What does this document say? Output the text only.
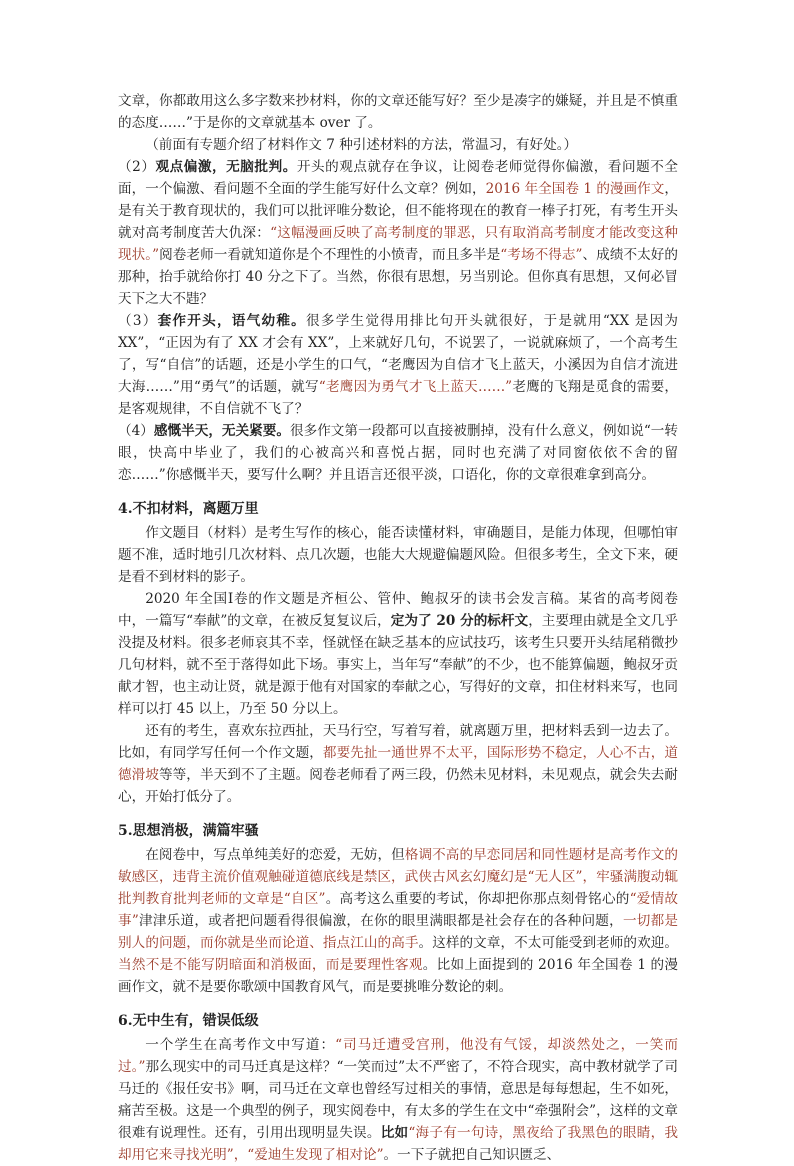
文章，你都敢用这么多字数来抄材料，你的文章还能写好？至少是凑字的嫌疑，并且是不慎重的态度……”于是你的文章就基本 over 了。

（前面有专题介绍了材料作文 7 种引述材料的方法，常温习，有好处。）

（2）观点偏激，无脑批判。开头的观点就存在争议，让阅卷老师觉得你偏激，看问题不全面，一个偏激、看问题不全面的学生能写好什么文章？例如，2016 年全国卷 1 的漫画作文，是有关于教育现状的，我们可以批评唯分数论，但不能将现在的教育一棒子打死，有考生开头就对高考制度苦大仇深：“这幅漫画反映了高考制度的罪恶，只有取消高考制度才能改变这种现状。”阅卷老师一看就知道你是个不理性的小愤青，而且多半是“考场不得志”、成绩不太好的那种，抬手就给你打 40 分之下了。当然，你很有思想，另当别论。但你真有思想，又何必冒天下之大不韪？

（3）套作开头，语气幼稚。很多学生觉得用排比句开头就很好，于是就用“XX 是因为 XX”，“正因为有了 XX 才会有 XX”，上来就好几句，不说罢了，一说就麻烦了，一个高考生了，写“自信”的话题，还是小学生的口气，“老鹰因为自信才飞上蓝天，小溪因为自信才流进大海……”用“勇气”的话题，就写“老鹰因为勇气才飞上蓝天……”老鹰的飞翔是觅食的需要，是客观规律，不自信就不飞了？

（4）感慨半天，无关紧要。很多作文第一段都可以直接被删掉，没有什么意义，例如说“一转眼，快高中毕业了，我们的心被高兴和喜悦占据，同时也充满了对同窗依依不舍的留恋……”你感慨半天，要写什么啊？并且语言还很平淡，口语化，你的文章很难拿到高分。

4.不扣材料，离题万里

作文题目（材料）是考生写作的核心，能否读懂材料，审确题目，是能力体现，但哪怕审题不准，适时地引几次材料、点几次题，也能大大规避偏题风险。但很多考生，全文下来，硬是看不到材料的影子。

2020 年全国Ⅰ卷的作文题是齐桓公、管仲、鲍叔牙的读书会发言稿。某省的高考阅卷中，一篇写“奉献”的文章，在被反复复议后，定为了 20 分的标杆文，主要理由就是全文几乎没提及材料。很多老师哀其不幸，怪就怪在缺乏基本的应试技巧，该考生只要开头结尾稍微抄几句材料，就不至于落得如此下场。事实上，当年写“奉献”的不少，也不能算偏题，鲍叔牙贡献才智，也主动让贤，就是源于他有对国家的奉献之心，写得好的文章，扣住材料来写，也同样可以打 45 以上，乃至 50 分以上。

还有的考生，喜欢东拉西扯，天马行空，写着写着，就离题万里，把材料丢到一边去了。比如，有同学写任何一个作文题，都要先扯一通世界不太平，国际形势不稳定，人心不古，道德滑坡等等，半天到不了主题。阅卷老师看了两三段，仍然未见材料，未见观点，就会失去耐心，开始打低分了。

5.思想消极，满篇牢骚

在阅卷中，写点单纯美好的恋爱，无妨，但格调不高的早恋同居和同性题材是高考作文的敏感区，违背主流价值观触碰道德底线是禁区，武侠古风玄幻魔幻是“无人区”，牢骚满腹动辄批判教育批判老师的文章是“自区”。高考这么重要的考试，你却把你那点刻骨铭心的“爱情故事”津津乐道，或者把问题看得很偏激，在你的眼里满眼都是社会存在的各种问题，一切都是别人的问题，而你就是坐而论道、指点江山的高手。这样的文章，不太可能受到老师的欢迎。当然不是不能写阴暗面和消极面，而是要理性客观。比如上面提到的 2016 年全国卷 1 的漫画作文，就不是要你歌颂中国教育风气，而是要挑唯分数论的刺。

6.无中生有，错误低级

一个学生在高考作文中写道：“司马迁遭受宫刑，他没有气馁，却淡然处之，一笑而过。”那么现实中的司马迁真是这样？“一笑而过”太不严密了，不符合现实，高中教材就学了司马迁的《报任安书》啊，司马迁在文章也曾经写过相关的事情，意思是每每想起，生不如死，痛苦至极。这是一个典型的例子，现实阅卷中，有太多的学生在文中“牵强附会”，这样的文章很难有说理性。还有，引用出现明显失误。比如“海子有一句诗，黑夜给了我黑色的眼睛，我却用它来寻找光明”，“爱迪生发现了相对论”。一下子就把自己知识匮乏、
